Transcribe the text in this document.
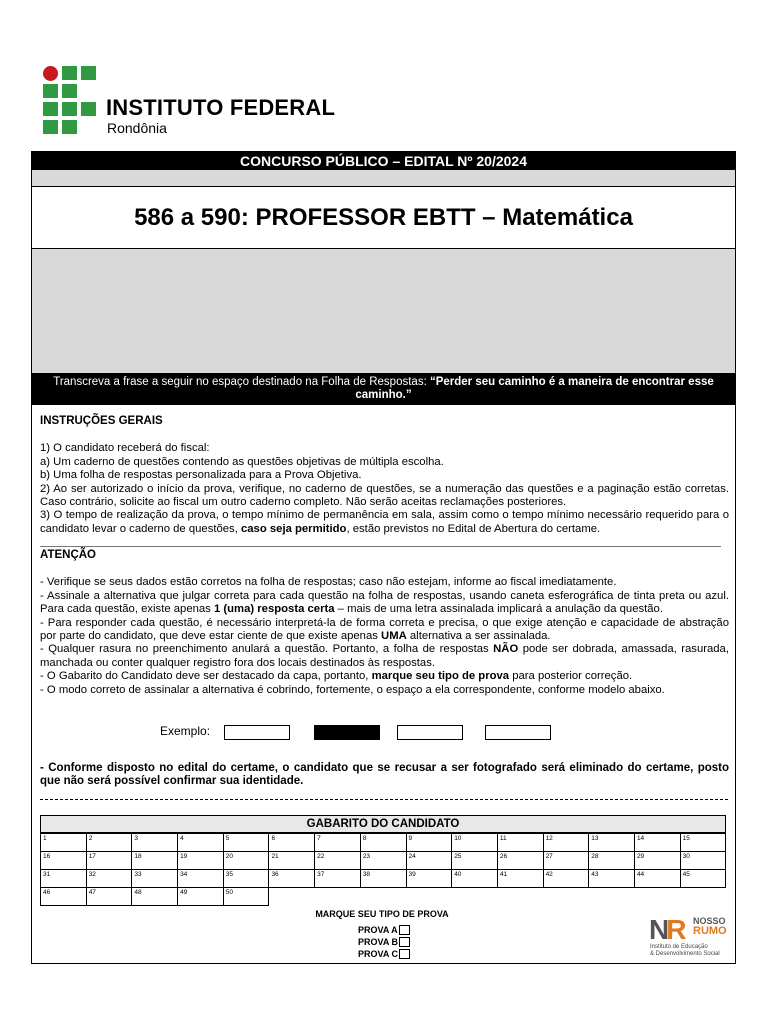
INSTITUTO FEDERAL
Rondônia
CONCURSO PÚBLICO – EDITAL Nº 20/2024
586 a 590: PROFESSOR EBTT – Matemática
Transcreva a frase a seguir no espaço destinado na Folha de Respostas: “Perder seu caminho é a maneira de encontrar esse caminho.”
INSTRUÇÕES GERAIS

1) O candidato receberá do fiscal:

a) Um caderno de questões contendo as questões objetivas de múltipla escolha.

b) Uma folha de respostas personalizada para a Prova Objetiva.

2) Ao ser autorizado o início da prova, verifique, no caderno de questões, se a numeração das questões e a paginação estão corretas. Caso contrário, solicite ao fiscal um outro caderno completo. Não serão aceitas reclamações posteriores.

3) O tempo de realização da prova, o tempo mínimo de permanência em sala, assim como o tempo mínimo necessário requerido para o candidato levar o caderno de questões, caso seja permitido, estão previstos no Edital de Abertura do certame.

ATENÇÃO

- Verifique se seus dados estão corretos na folha de respostas; caso não estejam, informe ao fiscal imediatamente.

- Assinale a alternativa que julgar correta para cada questão na folha de respostas, usando caneta esferográfica de tinta preta ou azul. Para cada questão, existe apenas 1 (uma) resposta certa – mais de uma letra assinalada implicará a anulação da questão.

- Para responder cada questão, é necessário interpretá-la de forma correta e precisa, o que exige atenção e capacidade de abstração por parte do candidato, que deve estar ciente de que existe apenas UMA alternativa a ser assinalada.

- Qualquer rasura no preenchimento anulará a questão. Portanto, a folha de respostas NÃO pode ser dobrada, amassada, rasurada, manchada ou conter qualquer registro fora dos locais destinados às respostas.

- O Gabarito do Candidato deve ser destacado da capa, portanto, marque seu tipo de prova para posterior correção.

- O modo correto de assinalar a alternativa é cobrindo, fortemente, o espaço a ela correspondente, conforme modelo abaixo.

Exemplo:
- Conforme disposto no edital do certame, o candidato que se recusar a ser fotografado será eliminado do certame, posto que não será possível confirmar sua identidade.
GABARITO DO CANDIDATO
1	2	3	4	5	6	7	8	9	10	11	12	13	14	15
16	17	18	19	20	21	22	23	24	25	26	27	28	29	30
31	32	33	34	35	36	37	38	39	40	41	42	43	44	45
46	47	48	49	50
MARQUE SEU TIPO DE PROVA
PROVA A
PROVA B
PROVA C
NR NOSSO
RUMO
Instituto de Educação
& Desenvolvimento Social
